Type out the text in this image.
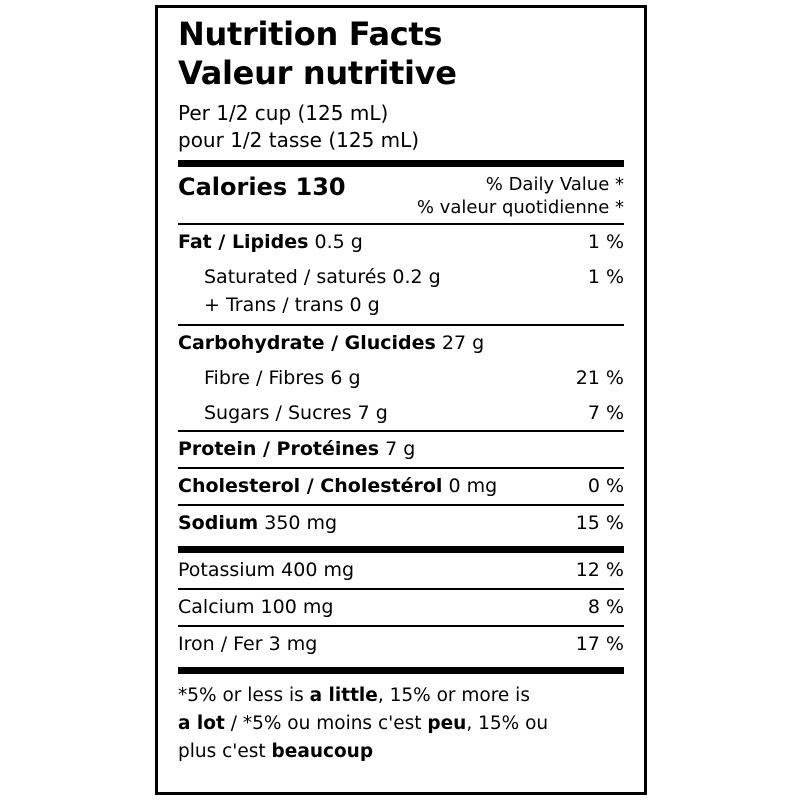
Nutrition Facts
Valeur nutritive
Per 1/2 cup (125 mL)
pour 1/2 tasse (125 mL)
Calories 130	% Daily Value *
% valeur quotidienne *
Fat / Lipides 0.5 g	1 %
Saturated / saturés 0.2 g	1 %
+ Trans / trans 0 g
Carbohydrate / Glucides 27 g
Fibre / Fibres 6 g	21 %
Sugars / Sucres 7 g	7 %
Protein / Protéines 7 g
Cholesterol / Cholestérol 0 mg	0 %
Sodium 350 mg	15 %
Potassium 400 mg	12 %
Calcium 100 mg	8 %
Iron / Fer 3 mg	17 %
*5% or less is a little, 15% or more is
a lot / *5% ou moins c'est peu, 15% ou
plus c'est beaucoup
